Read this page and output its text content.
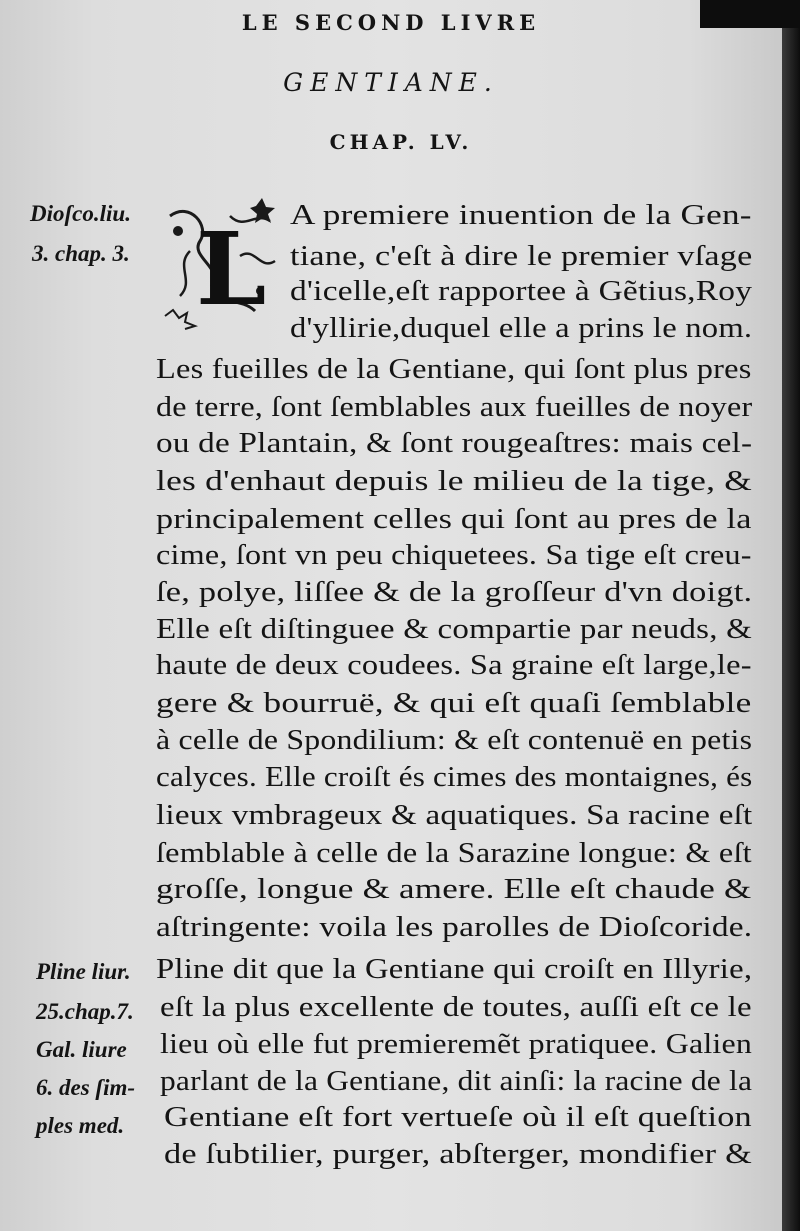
LE SECOND LIVRE
GENTIANE.
CHAP. LV.
L
Dioſco.liu.
3. chap. 3.
Pline liur.
25.chap.7.
Gal. liure
6. des ſim-
ples med.
A premiere inuention de la Gen-
tiane, c'eſt à dire le premier vſage
d'icelle,eſt rapportee à Gẽtius,Roy
d'yllirie,duquel elle a prins le nom.
Les fueilles de la Gentiane, qui ſont plus pres
de terre, ſont ſemblables aux fueilles de noyer
ou de Plantain, & ſont rougeaſtres: mais cel-
les d'enhaut depuis le milieu de la tige, &
principalement celles qui ſont au pres de la
cime, ſont vn peu chiquetees. Sa tige eſt creu-
ſe, polye, liſſee & de la groſſeur d'vn doigt.
Elle eſt diſtinguee & compartie par neuds, &
haute de deux coudees. Sa graine eſt large,le-
gere & bourruë, & qui eſt quaſi ſemblable
à celle de Spondilium: & eſt contenuë en petis
calyces. Elle croiſt és cimes des montaignes, és
lieux vmbrageux & aquatiques. Sa racine eſt
ſemblable à celle de la Sarazine longue: & eſt
groſſe, longue & amere. Elle eſt chaude &
aſtringente: voila les parolles de Dioſcoride.
Pline dit que la Gentiane qui croiſt en Illyrie,
eſt la plus excellente de toutes, auſſi eſt ce le
lieu où elle fut premieremẽt pratiquee. Galien
parlant de la Gentiane, dit ainſi: la racine de la
Gentiane eſt fort vertueſe où il eſt queſtion
de ſubtilier, purger, abſterger, mondifier &
